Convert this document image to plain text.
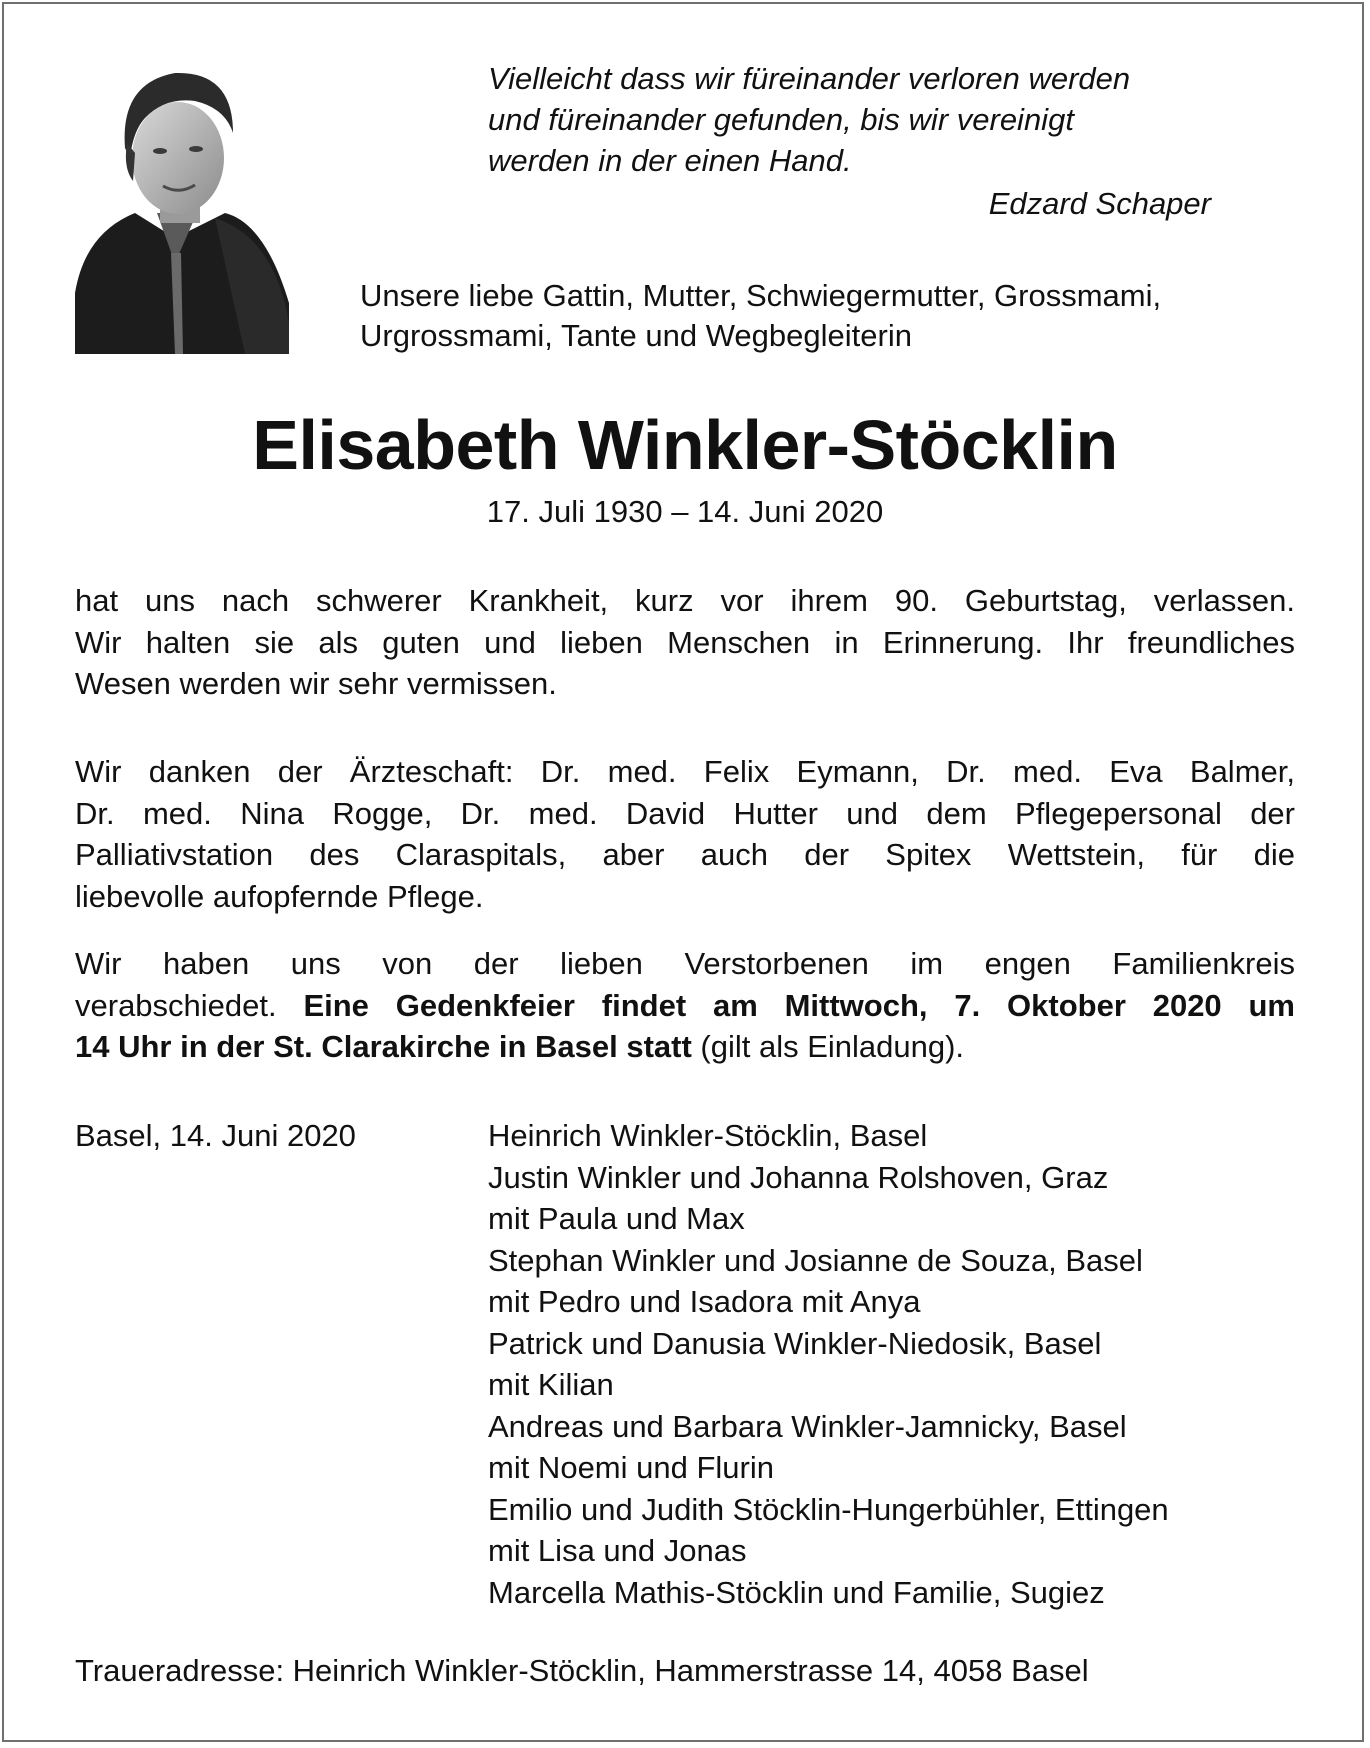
Vielleicht dass wir füreinander verloren werden
und füreinander gefunden, bis wir vereinigt
werden in der einen Hand.
Edzard Schaper
Unsere liebe Gattin, Mutter, Schwiegermutter, Grossmami,
Urgrossmami, Tante und Wegbegleiterin
Elisabeth Winkler-Stöcklin
17. Juli 1930 – 14. Juni 2020
hat uns nach schwerer Krankheit, kurz vor ihrem 90. Geburtstag, verlassen.
Wir halten sie als guten und lieben Menschen in Erinnerung. Ihr freundliches
Wesen werden wir sehr vermissen.
Wir danken der Ärzteschaft: Dr. med. Felix Eymann, Dr. med. Eva Balmer,
Dr. med. Nina Rogge, Dr. med. David Hutter und dem Pflegepersonal der
Palliativstation des Claraspitals, aber auch der Spitex Wettstein, für die
liebevolle aufopfernde Pflege.
Wir haben uns von der lieben Verstorbenen im engen Familienkreis
verabschiedet. Eine Gedenkfeier findet am Mittwoch, 7. Oktober 2020 um
14 Uhr in der St. Clarakirche in Basel statt (gilt als Einladung).
Basel, 14. Juni 2020	Heinrich Winkler-Stöcklin, Basel
Justin Winkler und Johanna Rolshoven, Graz
mit Paula und Max
Stephan Winkler und Josianne de Souza, Basel
mit Pedro und Isadora mit Anya
Patrick und Danusia Winkler-Niedosik, Basel
mit Kilian
Andreas und Barbara Winkler-Jamnicky, Basel
mit Noemi und Flurin
Emilio und Judith Stöcklin-Hungerbühler, Ettingen
mit Lisa und Jonas
Marcella Mathis-Stöcklin und Familie, Sugiez
Traueradresse: Heinrich Winkler-Stöcklin, Hammerstrasse 14, 4058 Basel
